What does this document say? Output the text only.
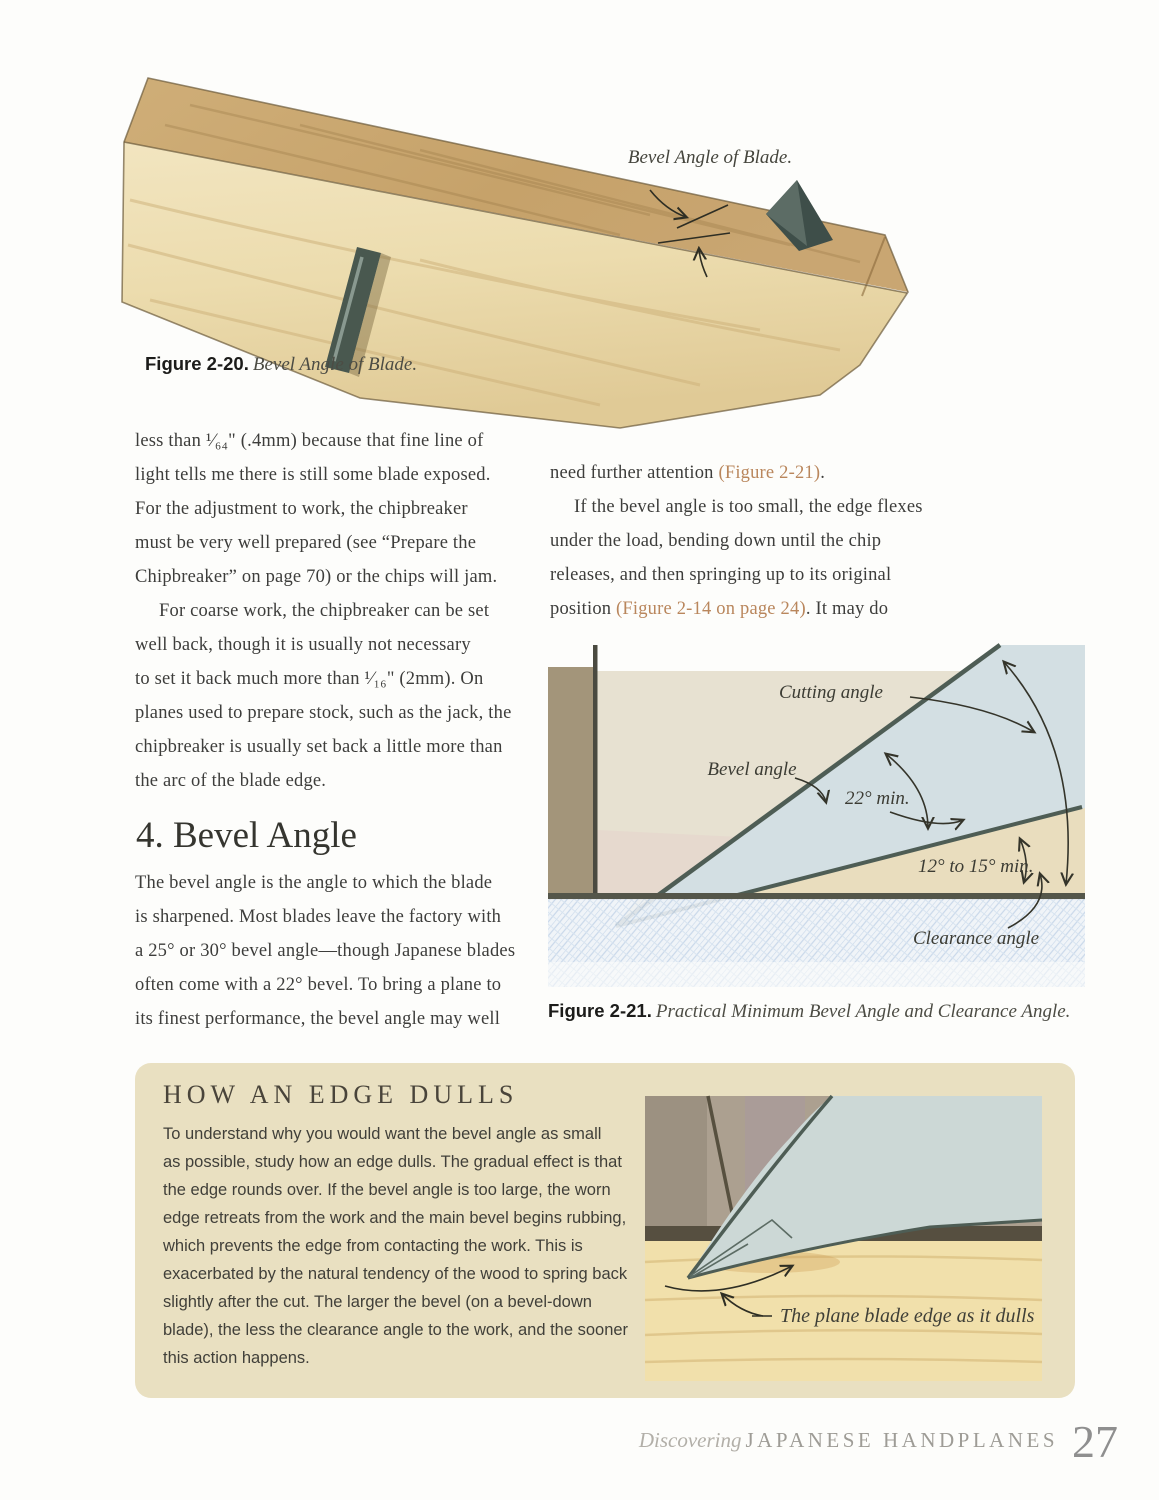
Bevel Angle of Blade.
Figure 2-20. Bevel Angle of Blade.
less than ¹⁄₆₄" (.4mm) because that fine line of
light tells me there is still some blade exposed.
For the adjustment to work, the chipbreaker
must be very well prepared (see “Prepare the
Chipbreaker” on page 70) or the chips will jam.
For coarse work, the chipbreaker can be set
well back, though it is usually not necessary
to set it back much more than ¹⁄₁₆" (2mm). On
planes used to prepare stock, such as the jack, the
chipbreaker is usually set back a little more than
the arc of the blade edge.
4. Bevel Angle
The bevel angle is the angle to which the blade
is sharpened. Most blades leave the factory with
a 25° or 30° bevel angle—though Japanese blades
often come with a 22° bevel. To bring a plane to
its finest performance, the bevel angle may well
need further attention (Figure 2-21).
If the bevel angle is too small, the edge flexes
under the load, bending down until the chip
releases, and then springing up to its original
position (Figure 2-14 on page 24). It may do
Cutting angle
Bevel angle
22° min.
12° to 15° min.
Clearance angle
Figure 2-21. Practical Minimum Bevel Angle and Clearance Angle.
HOW AN EDGE DULLS
To understand why you would want the bevel angle as small
as possible, study how an edge dulls. The gradual effect is that
the edge rounds over. If the bevel angle is too large, the worn
edge retreats from the work and the main bevel begins rubbing,
which prevents the edge from contacting the work. This is
exacerbated by the natural tendency of the wood to spring back
slightly after the cut. The larger the bevel (on a bevel-down
blade), the less the clearance angle to the work, and the sooner
this action happens.
The plane blade edge as it dulls
Discovering JAPANESE HANDPLANES 27
